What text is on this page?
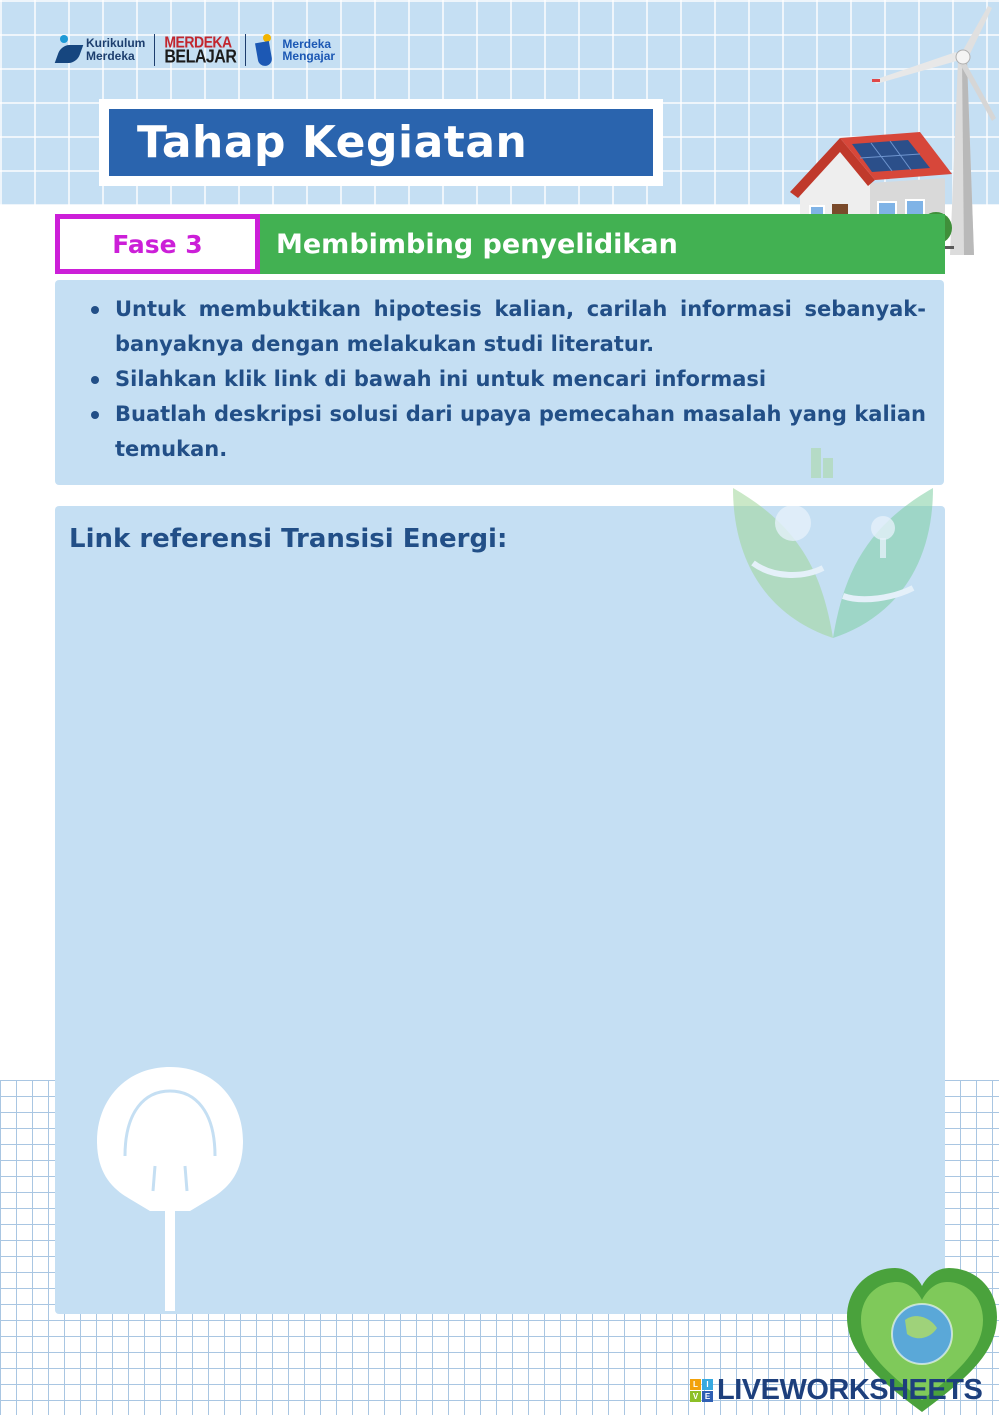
Kurikulum
Merdeka
MERDEKA
BELAJAR
Merdeka
Mengajar
Tahap Kegiatan
Fase 3	Membimbing penyelidikan
Untuk membuktikan hipotesis kalian, carilah informasi sebanyak-banyaknya dengan melakukan studi literatur.
Silahkan klik link di bawah ini untuk mencari informasi
Buatlah deskripsi solusi dari upaya pemecahan masalah yang kalian temukan.
Link referensi Transisi Energi:
L	I
V E LIVEWORKSHEETS
